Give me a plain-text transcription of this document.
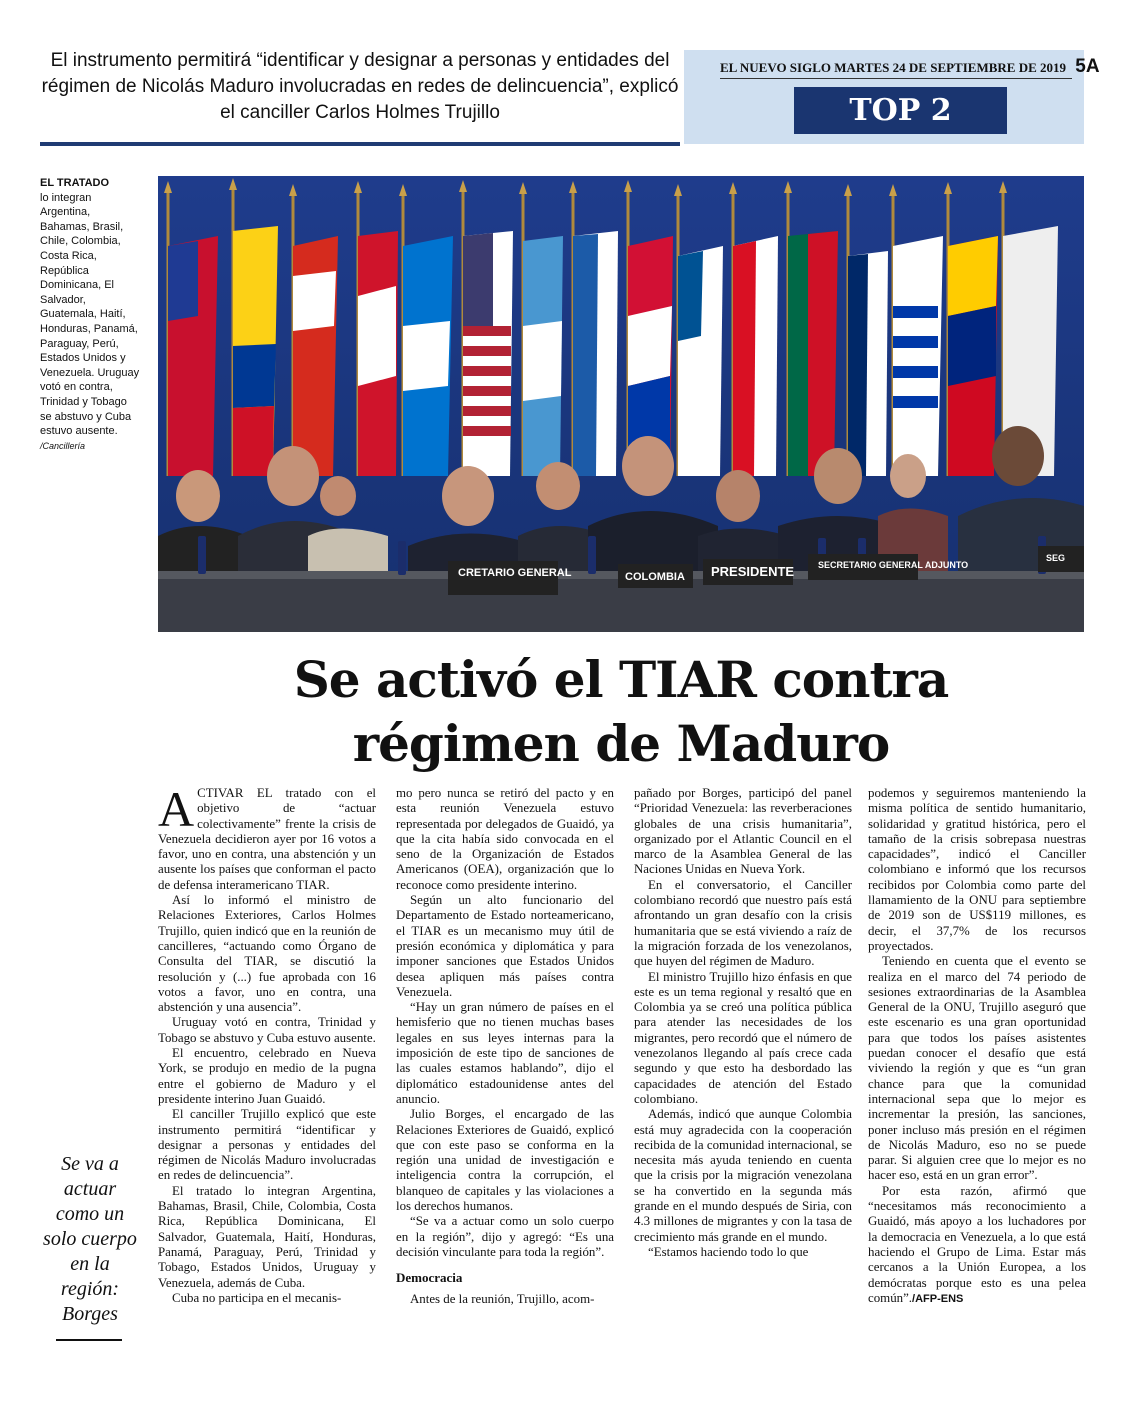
El instrumento permitirá “identificar y designar a personas y entidades del régimen de Nicolás Maduro involucradas en redes de delincuencia”, explicó el canciller Carlos Holmes Trujillo
EL NUEVO SIGLO MARTES 24 DE SEPTIEMBRE DE 2019 5A
TOP 2
EL TRATADO
lo integran Argentina, Bahamas, Brasil, Chile, Colombia, Costa Rica, República Dominicana, El Salvador, Guatemala, Haití, Honduras, Panamá, Paraguay, Perú, Estados Unidos y Venezuela. Uruguay votó en contra, Trinidad y Tobago se abstuvo y Cuba estuvo ausente. /Cancillería
CRETARIO GENERAL	COLOMBIA PRESIDENTE	SECRETARIO GENERAL ADJUNTO
SEG
Se activó el TIAR contra
régimen de Maduro
Se va a actuar como un solo cuerpo en la región: Borges

ACTIVAR EL tratado con el objetivo de “actuar colectivamente” frente la crisis de Venezuela decidieron ayer por 16 votos a favor, uno en contra, una abstención y un ausente los países que conforman el pacto de defensa interamericano TIAR.

Así lo informó el ministro de Relaciones Exteriores, Carlos Holmes Trujillo, quien indicó que en la reunión de cancilleres, “actuando como Órgano de Consulta del TIAR, se discutió la resolución y (...) fue aprobada con 16 votos a favor, uno en contra, una abstención y una ausencia”.

Uruguay votó en contra, Trinidad y Tobago se abstuvo y Cuba estuvo ausente.

El encuentro, celebrado en Nueva York, se produjo en medio de la pugna entre el gobierno de Maduro y el presidente interino Juan Guaidó.

El canciller Trujillo explicó que este instrumento permitirá “identificar y designar a personas y entidades del régimen de Nicolás Maduro involucradas en redes de delincuencia”.

El tratado lo integran Argentina, Bahamas, Brasil, Chile, Colombia, Costa Rica, República Dominicana, El Salvador, Guatemala, Haití, Honduras, Panamá, Paraguay, Perú, Trinidad y Tobago, Estados Unidos, Uruguay y Venezuela, además de Cuba.

Cuba no participa en el mecanis-

mo pero nunca se retiró del pacto y en esta reunión Venezuela estuvo representada por delegados de Guaidó, ya que la cita había sido convocada en el seno de la Organización de Estados Americanos (OEA), organización que lo reconoce como presidente interino.

Según un alto funcionario del Departamento de Estado norteamericano, el TIAR es un mecanismo muy útil de presión económica y diplomática y para imponer sanciones que Estados Unidos desea apliquen más países contra Venezuela.

“Hay un gran número de países en el hemisferio que no tienen muchas bases legales en sus leyes internas para la imposición de este tipo de sanciones de las cuales estamos hablando”, dijo el diplomático estadounidense antes del anuncio.

Julio Borges, el encargado de las Relaciones Exteriores de Guaidó, explicó que con este paso se conforma en la región una unidad de investigación e inteligencia contra la corrupción, el blanqueo de capitales y las violaciones a los derechos humanos.

“Se va a actuar como un solo cuerpo en la región”, dijo y agregó: “Es una decisión vinculante para toda la región”.

Democracia

Antes de la reunión, Trujillo, acom-

pañado por Borges, participó del panel “Prioridad Venezuela: las reverberaciones globales de una crisis humanitaria”, organizado por el Atlantic Council en el marco de la Asamblea General de las Naciones Unidas en Nueva York.

En el conversatorio, el Canciller colombiano recordó que nuestro país está afrontando un gran desafío con la crisis humanitaria que se está viviendo a raíz de la migración forzada de los venezolanos, que huyen del régimen de Maduro.

El ministro Trujillo hizo énfasis en que este es un tema regional y resaltó que en Colombia ya se creó una política pública para atender las necesidades de los migrantes, pero recordó que el número de venezolanos llegando al país crece cada segundo y que esto ha desbordado las capacidades de atención del Estado colombiano.

Además, indicó que aunque Colombia está muy agradecida con la cooperación recibida de la comunidad internacional, se necesita más ayuda teniendo en cuenta que la crisis por la migración venezolana se ha convertido en la segunda más grande en el mundo después de Siria, con 4.3 millones de migrantes y con la tasa de crecimiento más grande en el mundo.

“Estamos haciendo todo lo que

podemos y seguiremos manteniendo la misma política de sentido humanitario, solidaridad y gratitud histórica, pero el tamaño de la crisis sobrepasa nuestras capacidades”, indicó el Canciller colombiano e informó que los recursos recibidos por Colombia como parte del llamamiento de la ONU para septiembre de 2019 son de US$119 millones, es decir, el 37,7% de los recursos proyectados.

Teniendo en cuenta que el evento se realiza en el marco del 74 periodo de sesiones extraordinarias de la Asamblea General de la ONU, Trujillo aseguró que este escenario es una gran oportunidad para que todos los países asistentes puedan conocer el desafío que está viviendo la región y que es “un gran chance para que la comunidad internacional sepa que lo mejor es incrementar la presión, las sanciones, poner incluso más presión en el régimen de Nicolás Maduro, eso no se puede parar. Si alguien cree que lo mejor es no hacer eso, está en un gran error”.

Por esta razón, afirmó que “necesitamos más reconocimiento a Guaidó, más apoyo a los luchadores por la democracia en Venezuela, a lo que está haciendo el Grupo de Lima. Estar más cercanos a la Unión Europea, a los demócratas porque esto es una pelea común”./AFP-ENS
